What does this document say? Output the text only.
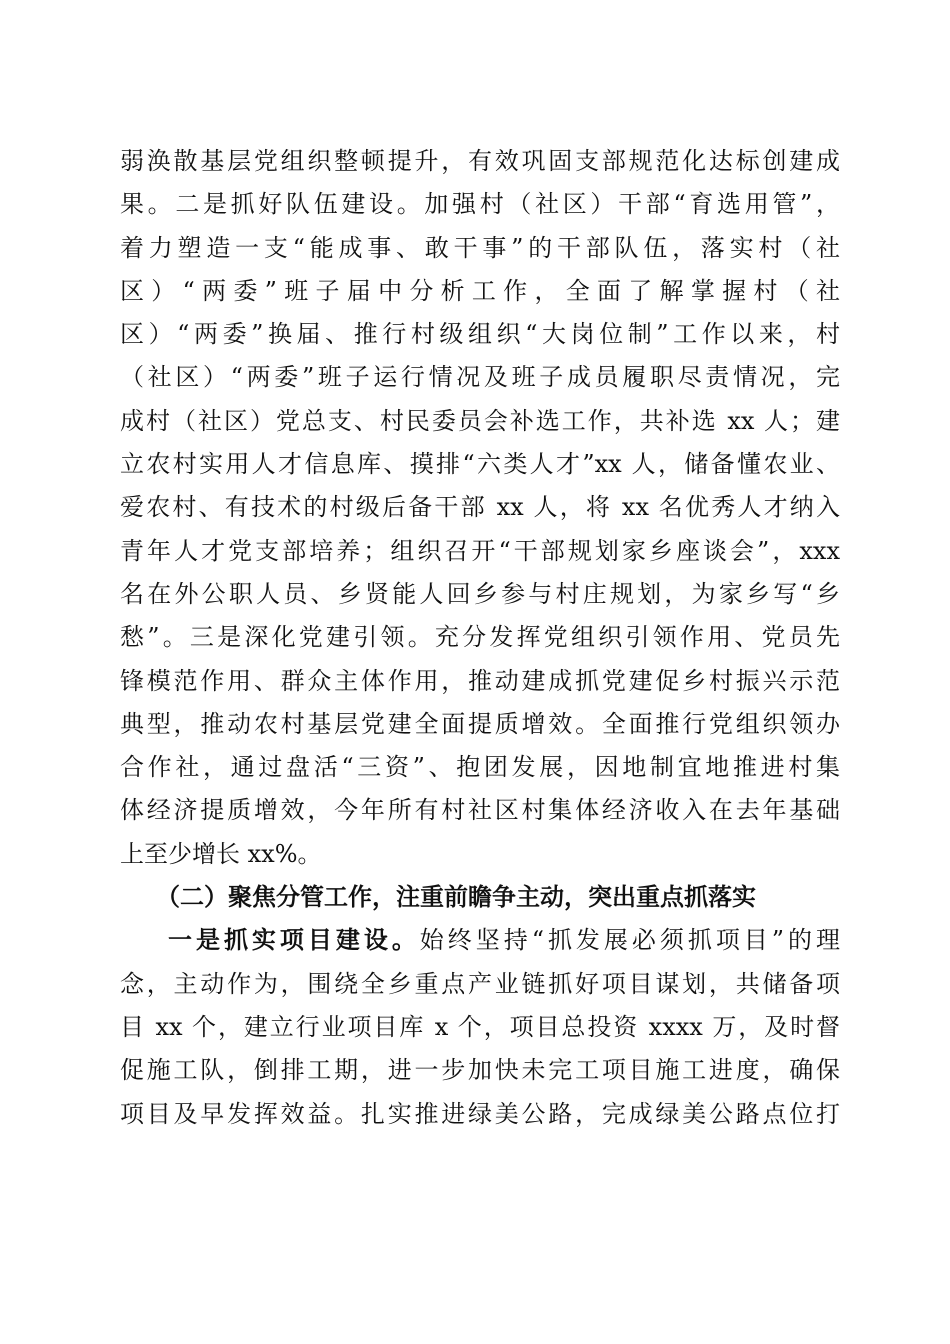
弱涣散基层党组织整顿提升，有效巩固支部规范化达标创建成
果。二是抓好队伍建设。加强村（社区）干部“育选用管”，
着力塑造一支“能成事、敢干事”的干部队伍，落实村（社
区）“两委”班子届中分析工作，全面了解掌握村（社
区）“两委”换届、推行村级组织“大岗位制”工作以来，村
（社区）“两委”班子运行情况及班子成员履职尽责情况，完
成村（社区）党总支、村民委员会补选工作，共补选 xx 人；建
立农村实用人才信息库、摸排“六类人才”xx 人，储备懂农业、
爱农村、有技术的村级后备干部 xx 人，将 xx 名优秀人才纳入
青年人才党支部培养；组织召开“干部规划家乡座谈会”，xxx
名在外公职人员、乡贤能人回乡参与村庄规划，为家乡写“乡
愁”。三是深化党建引领。充分发挥党组织引领作用、党员先
锋模范作用、群众主体作用，推动建成抓党建促乡村振兴示范
典型，推动农村基层党建全面提质增效。全面推行党组织领办
合作社，通过盘活“三资”、抱团发展，因地制宜地推进村集
体经济提质增效，今年所有村社区村集体经济收入在去年基础
上至少增长 xx%。
（二）聚焦分管工作，注重前瞻争主动，突出重点抓落实
一是抓实项目建设。始终坚持“抓发展必须抓项目”的理
念，主动作为，围绕全乡重点产业链抓好项目谋划，共储备项
目 xx 个，建立行业项目库 x 个，项目总投资 xxxx 万，及时督
促施工队，倒排工期，进一步加快未完工项目施工进度，确保
项目及早发挥效益。扎实推进绿美公路，完成绿美公路点位打
